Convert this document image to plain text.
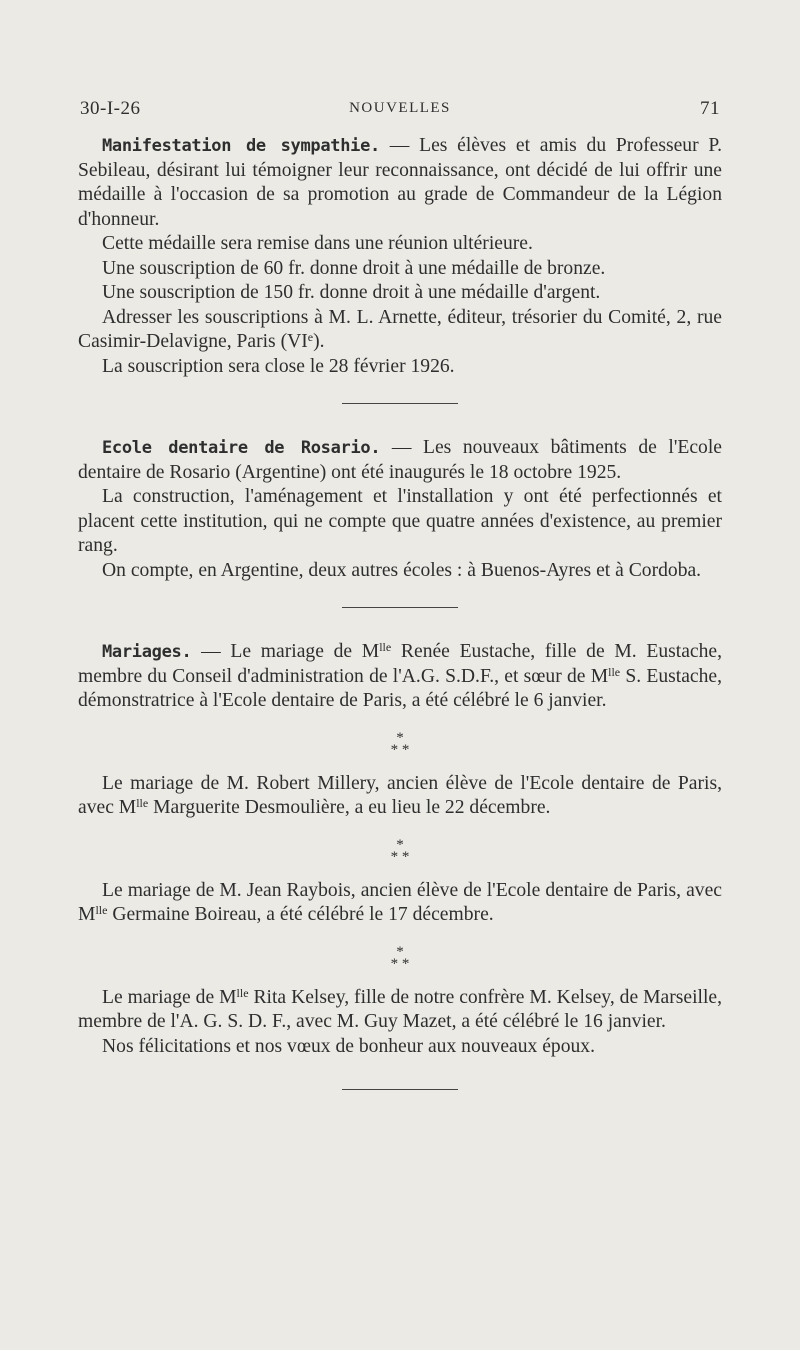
30-I-26	NOUVELLES	71

Manifestation de sympathie. — Les élèves et amis du Professeur P. Sebileau, désirant lui témoigner leur reconnaissance, ont décidé de lui offrir une médaille à l'occasion de sa promotion au grade de Commandeur de la Légion d'honneur.

Cette médaille sera remise dans une réunion ultérieure.

Une souscription de 60 fr. donne droit à une médaille de bronze.

Une souscription de 150 fr. donne droit à une médaille d'argent.

Adresser les souscriptions à M. L. Arnette, éditeur, trésorier du Comité, 2, rue Casimir-Delavigne, Paris (VIe).

La souscription sera close le 28 février 1926.

Ecole dentaire de Rosario. — Les nouveaux bâtiments de l'Ecole dentaire de Rosario (Argentine) ont été inaugurés le 18 octobre 1925.

La construction, l'aménagement et l'installation y ont été perfectionnés et placent cette institution, qui ne compte que quatre années d'existence, au premier rang.

On compte, en Argentine, deux autres écoles : à Buenos-Ayres et à Cordoba.

Mariages. — Le mariage de $M^{lle}$ Renée Eustache, fille de M. Eustache, membre du Conseil d'administration de l'A.G. S.D.F., et sœur de $M^{lle}$ S. Eustache, démonstratrice à l'Ecole dentaire de Paris, a été célébré le 6 janvier.

*
* *

Le mariage de M. Robert Millery, ancien élève de l'Ecole dentaire de Paris, avec $M^{lle}$ Marguerite Desmoulière, a eu lieu le 22 décembre.

*
* *

Le mariage de M. Jean Raybois, ancien élève de l'Ecole dentaire de Paris, avec $M^{lle}$ Germaine Boireau, a été célébré le 17 décembre.

*
* *

Le mariage de $M^{lle}$ Rita Kelsey, fille de notre confrère M. Kelsey, de Marseille, membre de l'A. G. S. D. F., avec M. Guy Mazet, a été célébré le 16 janvier.

Nos félicitations et nos vœux de bonheur aux nouveaux époux.
